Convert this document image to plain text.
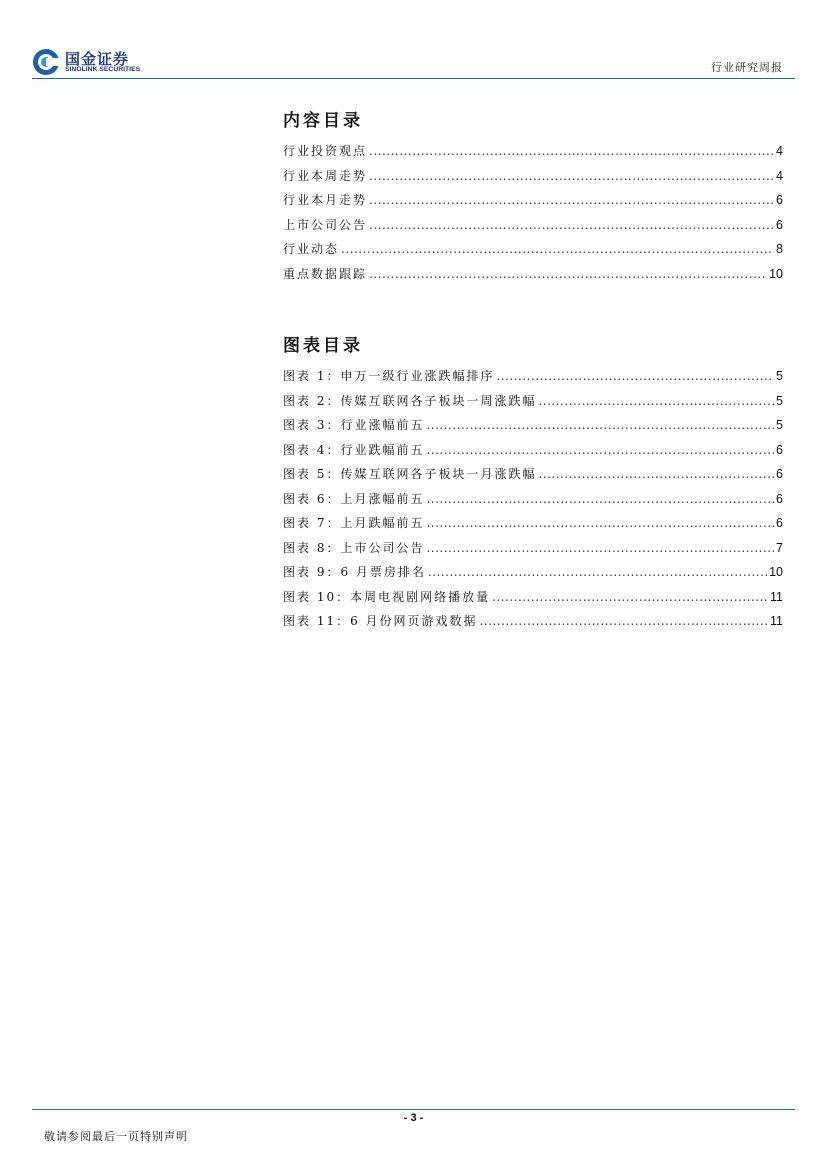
国金证券
SINOLINK SECURITIES	行业研究周报
内容目录
行业投资观点 .....	4
行业本周走势 .....	4
行业本月走势 .....	6
上市公司公告 .....	6
行业动态 .....	8
重点数据跟踪 .....	10
图表目录
图表 1：申万一级行业涨跌幅排序 .....	5
图表 2：传媒互联网各子板块一周涨跌幅 .....	5
图表 3：行业涨幅前五 .....	5
图表 4：行业跌幅前五 .....	6
图表 5：传媒互联网各子板块一月涨跌幅 .....	6
图表 6：上月涨幅前五 .....	6
图表 7：上月跌幅前五 .....	6
图表 8：上市公司公告 .....	7
图表 9：6 月票房排名 .....	10
图表 10：本周电视剧网络播放量 .....	11
图表 11：6 月份网页游戏数据 .....	11
- 3 -
敬请参阅最后一页特别声明
